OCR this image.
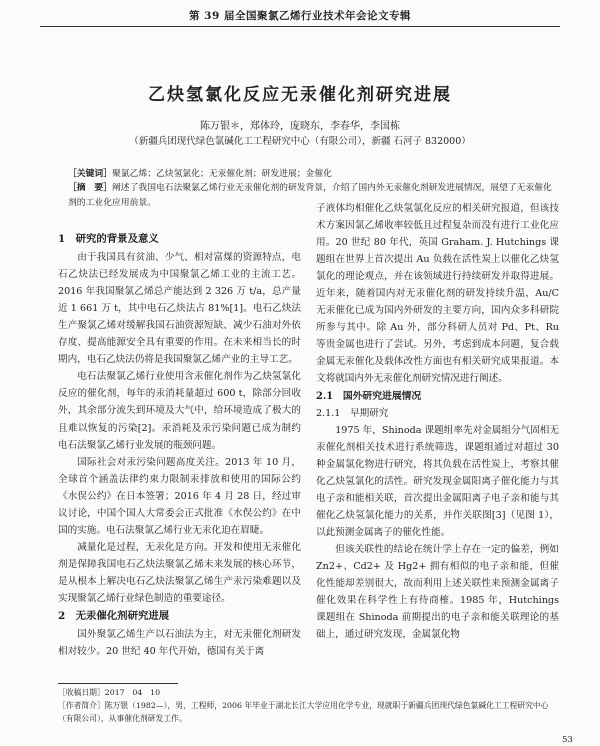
第 39 届全国聚氯乙烯行业技术年会论文专辑
乙炔氢氯化反应无汞催化剂研究进展
陈万银＊，郑体玲，庞晓东，李春华，李国栋
（新疆兵团现代绿色氯碱化工工程研究中心（有限公司），新疆 石河子 832000）
［关键词］聚氯乙烯；乙炔氢氯化；无汞催化剂；研发进展；金催化
［摘　要］阐述了我国电石法聚氯乙烯行业无汞催化剂的研发背景，介绍了国内外无汞催化剂研发进展情况，展望了无汞催化剂的工业化应用前景。
1　研究的背景及意义

由于我国具有贫油、少气、相对富煤的资源特点，电石乙炔法已经发展成为中国聚氯乙烯工业的主流工艺。2016 年我国聚氯乙烯总产能达到 2 326 万 t/a，总产量近 1 661 万 t，其中电石乙炔法占 81%[1]。电石乙炔法生产聚氯乙烯对缓解我国石油资源短缺、减少石油对外依存度、提高能源安全具有重要的作用。在未来相当长的时期内，电石乙炔法仍将是我国聚氯乙烯产业的主导工艺。

电石法聚氯乙烯行业使用含汞催化剂作为乙炔氢氯化反应的催化剂，每年的汞消耗量超过 600 t，除部分回收外，其余部分流失到环境及大气中，给环境造成了极大的且难以恢复的污染[2]。汞消耗及汞污染问题已成为制约电石法聚氯乙烯行业发展的瓶颈问题。

国际社会对汞污染问题高度关注。2013 年 10 月，全球首个涵盖法律约束力限制汞排放和使用的国际公约《水俣公约》在日本签署；2016 年 4 月 28 日，经过审议讨论，中国个国人大常委会正式批准《水俣公约》在中国的实施。电石法聚氯乙烯行业无汞化迫在眉睫。

减量化是过程，无汞化是方向。开发和使用无汞催化剂是保障我国电石乙炔法聚氯乙烯未来发展的核心环节，是从根本上解决电石乙炔法聚氯乙烯生产汞污染难题以及实现聚氯乙烯行业绿色制造的重要途径。

2　无汞催化剂研究进展

国外聚氯乙烯生产以石油法为主，对无汞催化剂研发相对较少。20 世纪 40 年代开始，德国有关于离

子液体均相催化乙炔氢氯化反应的相关研究报道，但该技术方案因氯乙烯收率较低且过程复杂而没有进行工业化应用。20 世纪 80 年代，英国 Graham. J. Hutchings 课题组在世界上首次提出 Au 负载在活性炭上以催化乙炔氢氯化的理论观点，并在该领域进行持续研发并取得进展。近年来，随着国内对无汞催化剂的研发持续升温，Au/C 无汞催化已成为国内外研发的主要方向，国内众多科研院所参与其中。除 Au 外，部分科研人员对 Pd、Pt、Ru 等贵金属也进行了尝试。另外，考虑到成本问题，复合载金属无汞催化及载体改性方面也有相关研究成果报道。本文将就国内外无汞催化剂研究情况进行阐述。

2.1　国外研究进展情况
2.1.1　早期研究

1975 年，Shinoda 课题组率先对金属组分气固相无汞催化剂相关技术进行系统筛选，课题组通过对超过 30 种金属氯化物进行研究，将其负载在活性炭上，考察其催化乙炔氢氯化的活性。研究发现金属阳离子催化能力与其电子亲和能相关联，首次提出金属阳离子电子亲和能与其催化乙炔氢氯化能力的关系，并作关联图[3]（见图 1），以此预测金属离子的催化性能。

但该关联性的结论在统计学上存在一定的偏差，例如 Zn2+、Cd2+ 及 Hg2+ 拥有相似的电子亲和能，但催化性能却差别很大，故而利用上述关联性来预测金属离子催化效果在科学性上有待商榷。1985 年，Hutchings 课题组在 Shinoda 前期提出的电子亲和能关联理论的基础上，通过研究发现，金属氯化物

［收稿日期］2017　04　10

［作者简介］陈万银（1982—），男，工程师，2006 年毕业于湖北长江大学应用化学专业，现就职于新疆兵团现代绿色氯碱化工工程研究中心（有限公司），从事催化剂研发工作。

53
